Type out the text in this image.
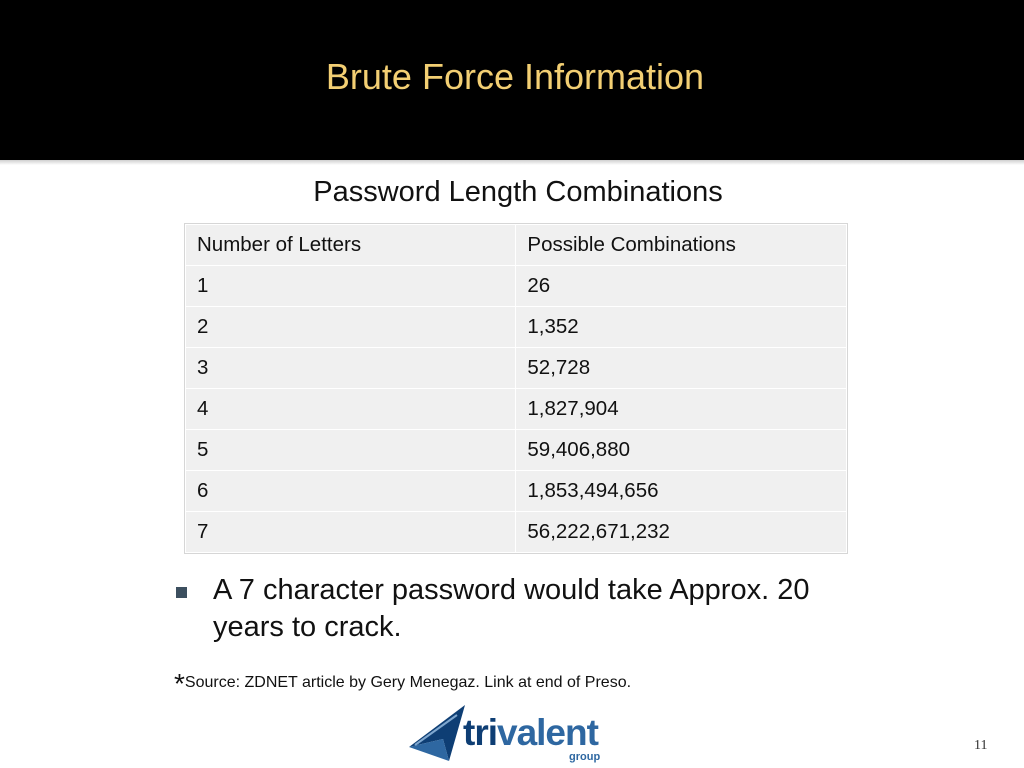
Brute Force Information
Password Length Combinations
Number of Letters	Possible Combinations
1	26
2	1,352
3	52,728
4	1,827,904
5	59,406,880
6	1,853,494,656
7	56,222,671,232
A 7 character password would take Approx. 20 years to crack.
*Source: ZDNET article by Gery Menegaz. Link at end of Preso.
trivalent
group
11
